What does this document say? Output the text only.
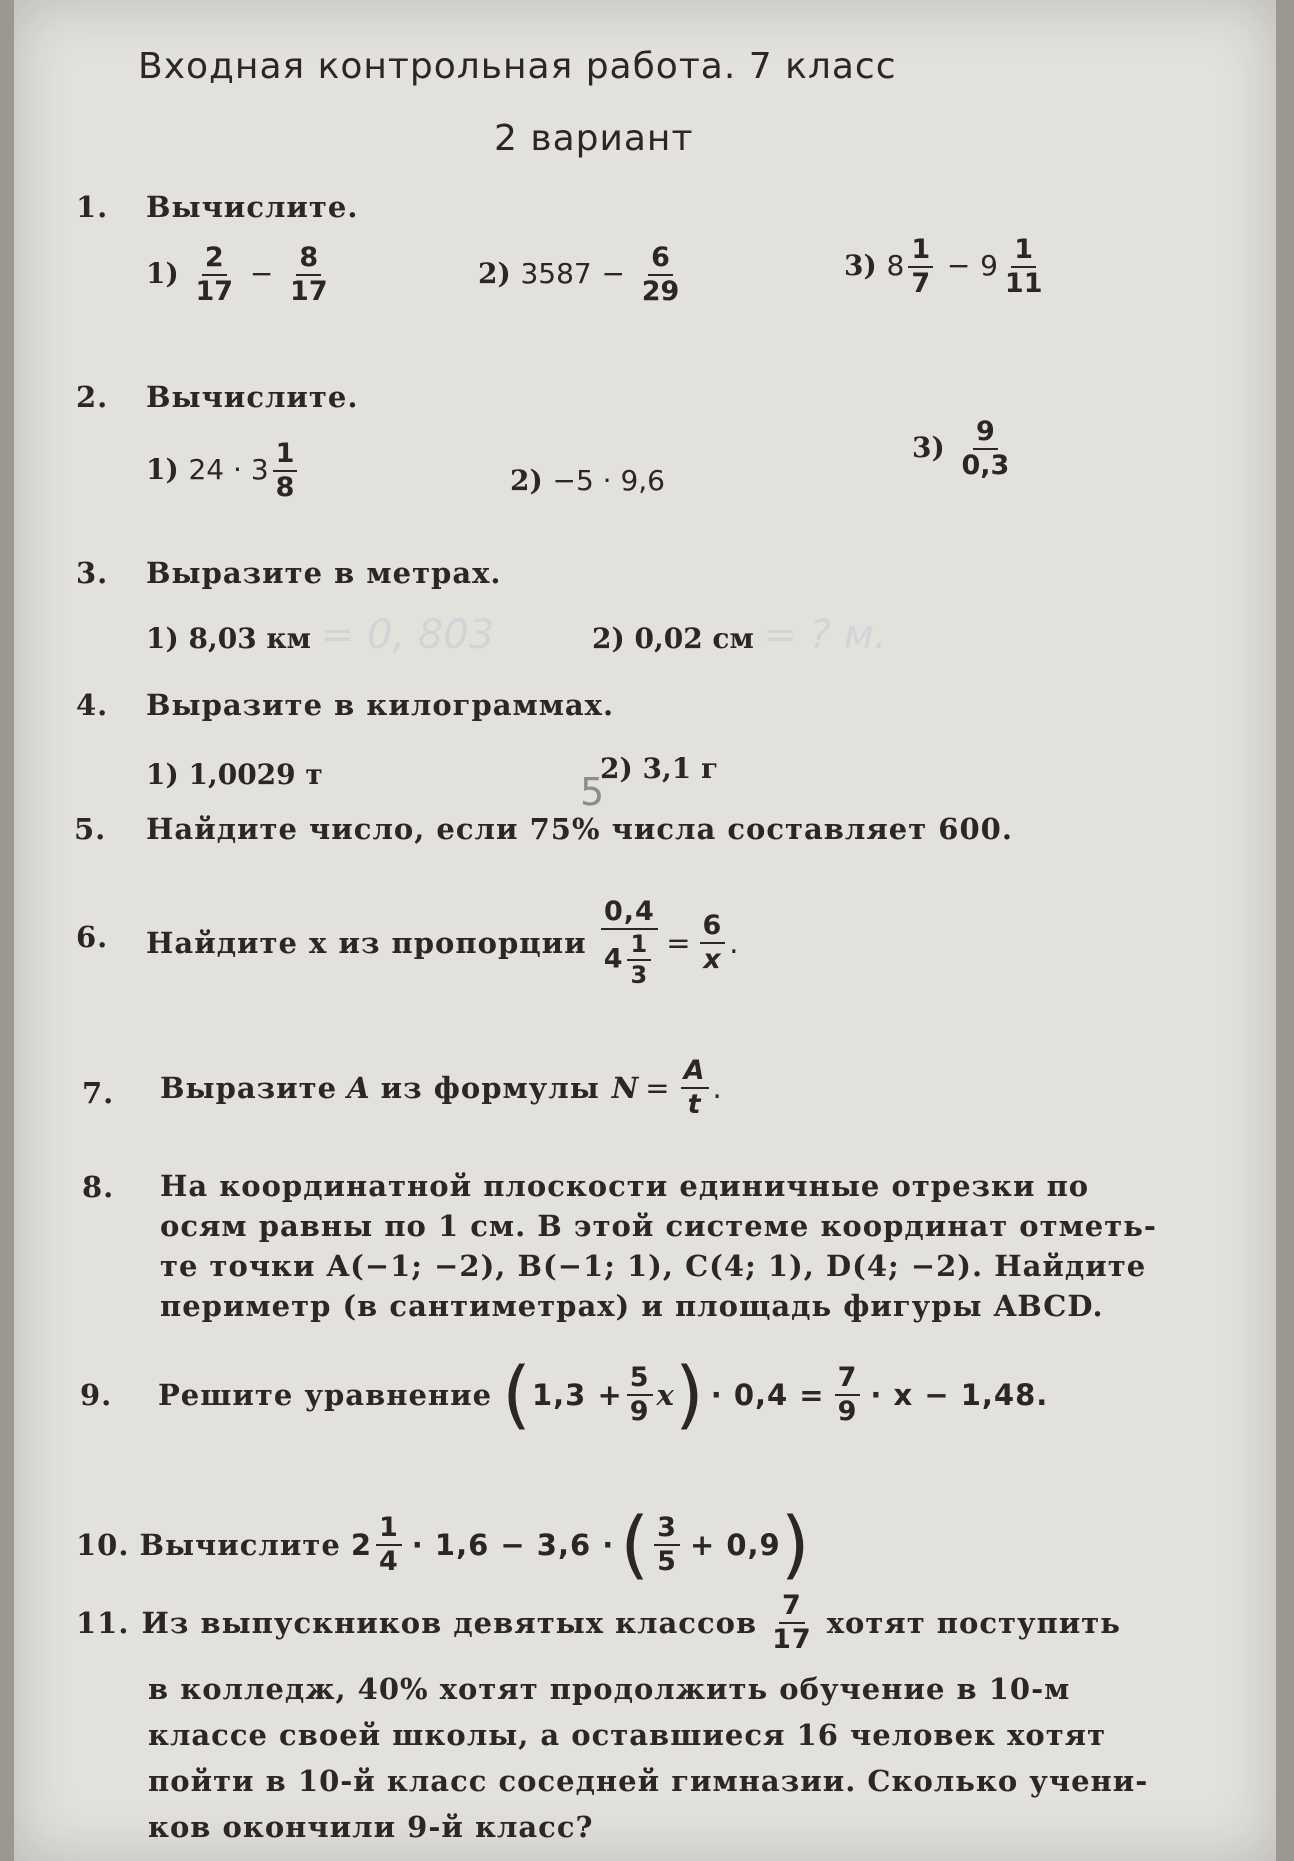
Входная контрольная работа. 7 класс
2 вариант
1. Вычислите.
$1) \frac{2}{17} - \frac{8}{17}$	2) $3587 - \frac{6}{29}$	3) $8 \frac{1}{7} - 9 \frac{1}{11}$
2. Вычислите.
1) $24 \cdot 3 \frac{1}{8}$	2) −5 · 9,6
$3) \frac{9}{0,3}$
3. Выразите в метрах.
1) 8,03 км = 0, 803	2) 0,02 см = ? м.
4. Выразите в килограммах.
1) 1,0029 т	2) 3,1 г
5
5. Найдите число, если 75% числа составляет 600.
6. Найдите x из пропорции $\frac{0,4}{4 \frac{1}{3}} = \frac{6}{x}$ .
7. Выразите A из формулы $N = \frac{A}{t}$ .
8. На координатной плоскости единичные отрезки по
осям равны по 1 см. В этой системе координат отметь-
те точки A(−1; −2), B(−1; 1), C(4; 1), D(4; −2). Найдите
периметр (в сантиметрах) и площадь фигуры ABCD.
9. Решите уравнение ( $1,3 + \frac{5}{9}$ x ) · $0,4 = \frac{7}{9} \cdot x - 1,48$.
10. Вычислите $2 \frac{1}{4} \cdot 1,6 - 3,6$ · ( $\frac{3}{5} + 0,9$ )
11. Из выпускников девятых классов $\frac{7}{17}$ хотят поступить
в колледж, 40% хотят продолжить обучение в 10-м
классе своей школы, а оставшиеся 16 человек хотят
пойти в 10-й класс соседней гимназии. Сколько учени-
ков окончили 9-й класс?
